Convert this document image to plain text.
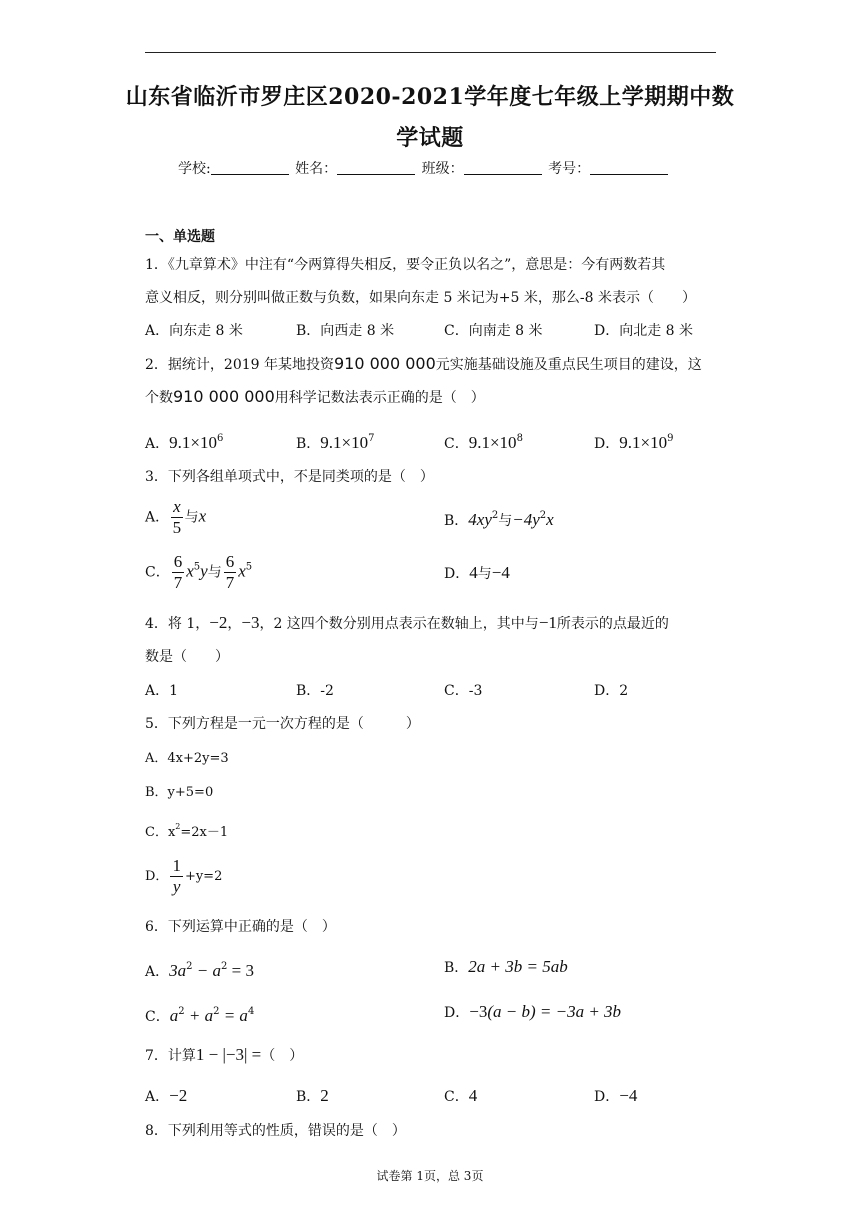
山东省临沂市罗庄区2020-2021学年度七年级上学期期中数
学试题
学校:	姓名：	班级：	考号：
一、单选题
1．《九章算术》中注有“今两算得失相反，要令正负以名之”，意思是：今有两数若其
意义相反，则分别叫做正数与负数，如果向东走 5 米记为+5 米，那么-8 米表示（　　）
A．向东走 8 米	B．向西走 8 米	C．向南走 8 米	D．向北走 8 米
2．据统计，2019 年某地投资910 000 000元实施基础设施及重点民生项目的建设，这
个数910 000 000用科学记数法表示正确的是（　）
A．$9.1\times 10^6$	B．$9.1\times 10^7$	C．$9.1\times 10^8$	D．$9.1\times 10^9$
3．下列各组单项式中，不是同类项的是（　）
A． $\frac{x}{5}$ 与x	B．$4xy^2$与$-4y^2x$
C． $\frac{6}{7} x^5y$与 $\frac{6}{7} x^5$	D．4与−4
4．将 1，−2，−3，2 这四个数分别用点表示在数轴上，其中与−1所表示的点最近的
数是（　　）
A．1	B．-2	C．-3	D．2
5．下列方程是一元一次方程的是（　　　）
A．4x+2y=3
B．y+5=0
C．$x^2=2x-1$
D． $\frac{1}{y} +y=2$
6．下列运算中正确的是（　）
A．$3a^2 - a^2 = 3$	B．2a + 3b = 5ab
C．$a^2 + a^2 = a^4$	D．−3(a − b) = −3a + 3b
7．计算1 − |−3| =（　）
A．−2	B．2	C．4	D．−4
8．下列利用等式的性质，错误的是（　）
试卷第 1页，总 3页
